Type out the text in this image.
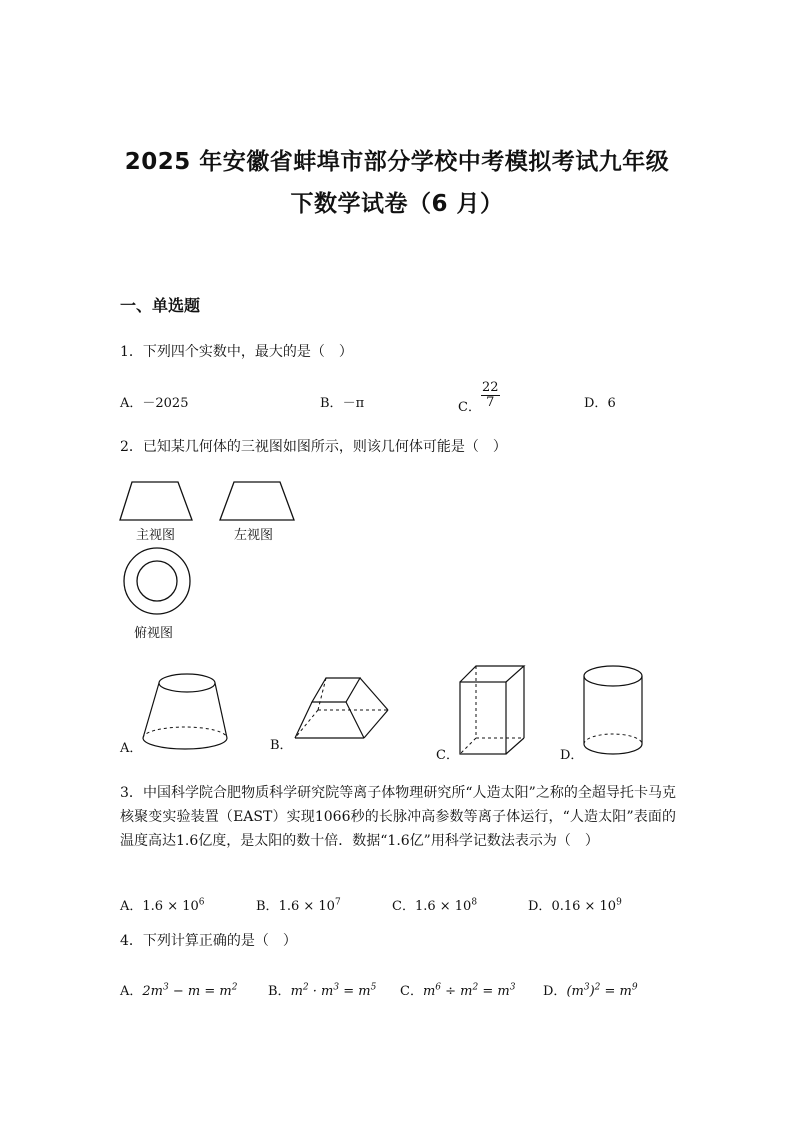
2025 年安徽省蚌埠市部分学校中考模拟考试九年级
下数学试卷（6 月）
一、单选题
1．下列四个实数中，最大的是（　）
A．－2025	B．－π	C． $\frac{22}{7}$	D．6
2．已知某几何体的三视图如图所示，则该几何体可能是（　）
主视图	左视图
俯视图
A．	B．
C．	D．
3．中国科学院合肥物质科学研究院等离子体物理研究所“人造太阳”之称的全超导托卡马克核聚变实验装置（EAST）实现1066秒的长脉冲高参数等离子体运行，“人造太阳”表面的温度高达1.6亿度，是太阳的数十倍．数据“1.6亿”用科学记数法表示为（　）
A．$1.6 \times 10^6$	B．$1.6 \times 10^7$	C．$1.6 \times 10^8$	D．$0.16 \times 10^9$
4．下列计算正确的是（　）
A．$2m^3 - m = m^2$ B．$m^2 \cdot m^3 = m^5$ C．$m^6 \div m^2 = m^3$ D．$(m^3)^2 = m^9$
